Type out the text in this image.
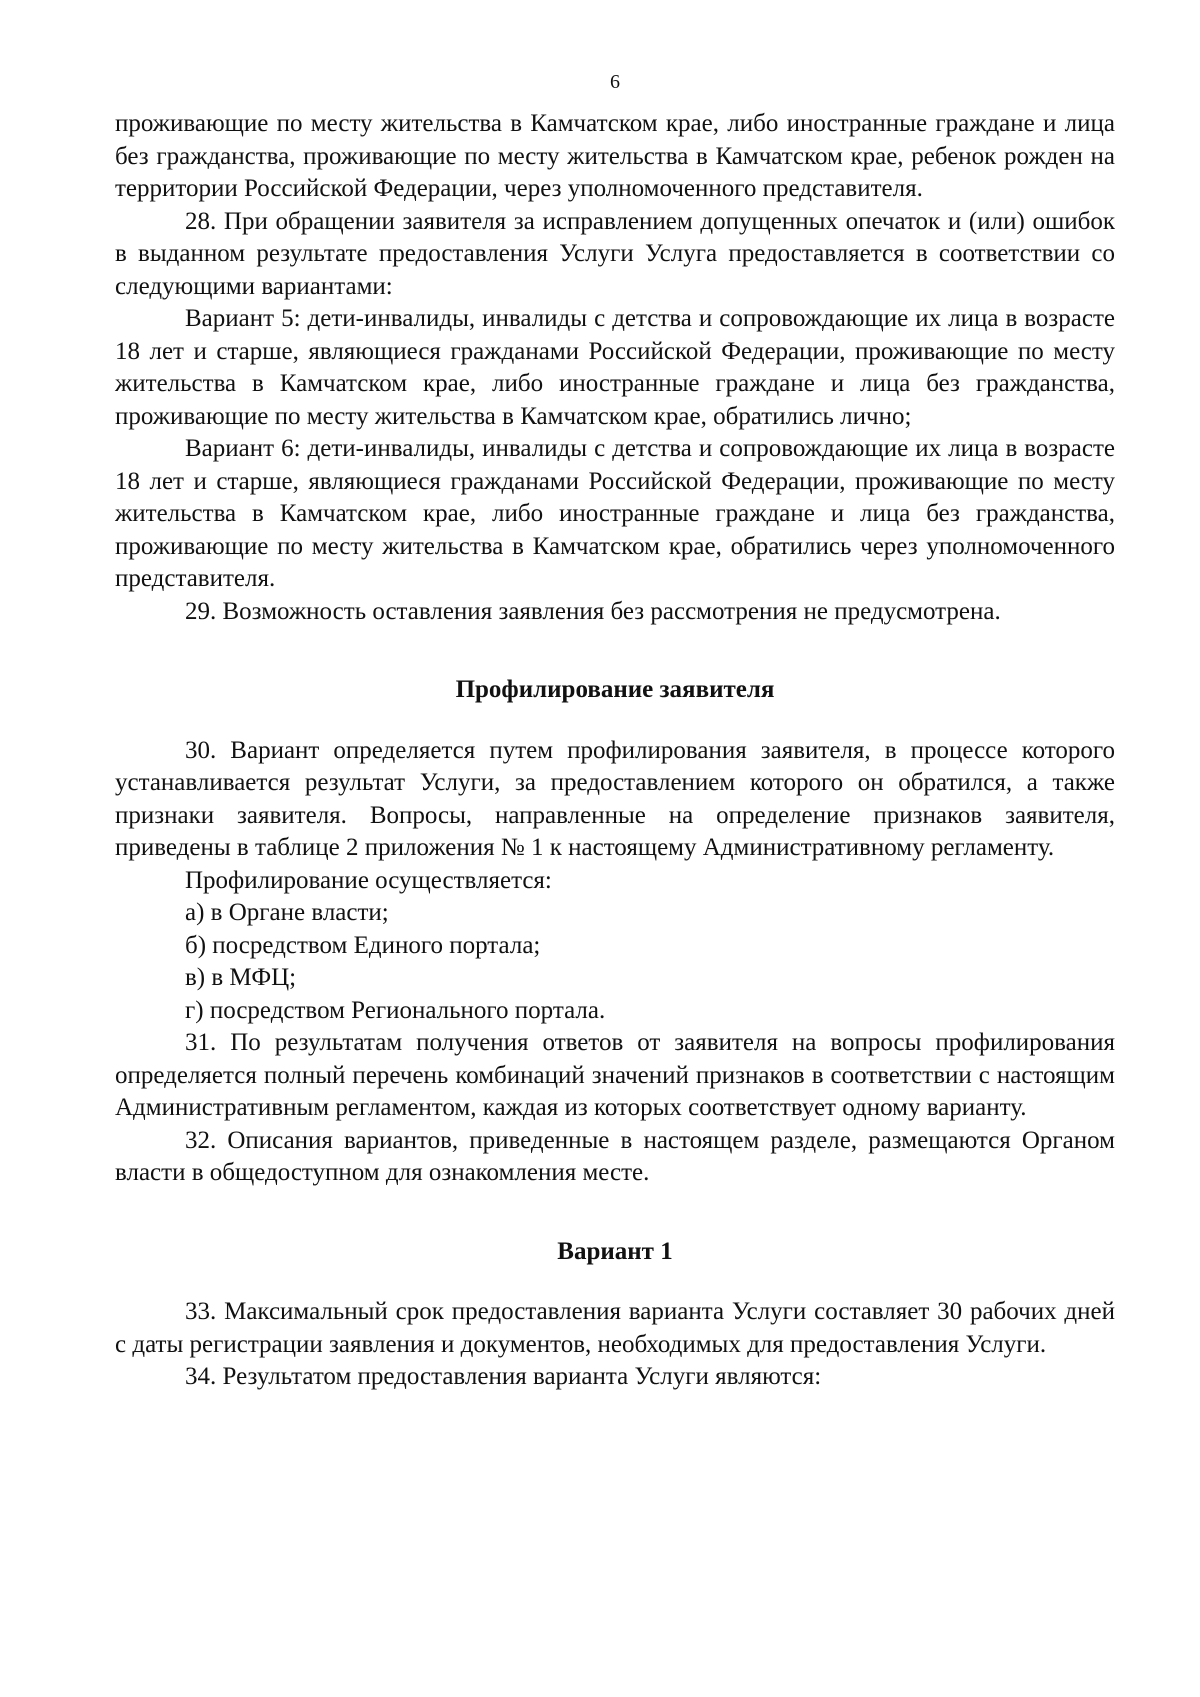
6

проживающие по месту жительства в Камчатском крае, либо иностранные граждане и лица без гражданства, проживающие по месту жительства в Камчатском крае, ребенок рожден на территории Российской Федерации, через уполномоченного представителя.

28. При обращении заявителя за исправлением допущенных опечаток и (или) ошибок в выданном результате предоставления Услуги Услуга предоставляется в соответствии со следующими вариантами:

Вариант 5: дети-инвалиды, инвалиды с детства и сопровождающие их лица в возрасте 18 лет и старше, являющиеся гражданами Российской Федерации, проживающие по месту жительства в Камчатском крае, либо иностранные граждане и лица без гражданства, проживающие по месту жительства в Камчатском крае, обратились лично;

Вариант 6: дети-инвалиды, инвалиды с детства и сопровождающие их лица в возрасте 18 лет и старше, являющиеся гражданами Российской Федерации, проживающие по месту жительства в Камчатском крае, либо иностранные граждане и лица без гражданства, проживающие по месту жительства в Камчатском крае, обратились через уполномоченного представителя.

29. Возможность оставления заявления без рассмотрения не предусмотрена.

Профилирование заявителя

30. Вариант определяется путем профилирования заявителя, в процессе которого устанавливается результат Услуги, за предоставлением которого он обратился, а также признаки заявителя. Вопросы, направленные на определение признаков заявителя, приведены в таблице 2 приложения № 1 к настоящему Административному регламенту.

Профилирование осуществляется:

а) в Органе власти;

б) посредством Единого портала;

в) в МФЦ;

г) посредством Регионального портала.

31. По результатам получения ответов от заявителя на вопросы профилирования определяется полный перечень комбинаций значений признаков в соответствии с настоящим Административным регламентом, каждая из которых соответствует одному варианту.

32. Описания вариантов, приведенные в настоящем разделе, размещаются Органом власти в общедоступном для ознакомления месте.

Вариант 1

33. Максимальный срок предоставления варианта Услуги составляет 30 рабочих дней с даты регистрации заявления и документов, необходимых для предоставления Услуги.

34. Результатом предоставления варианта Услуги являются:
